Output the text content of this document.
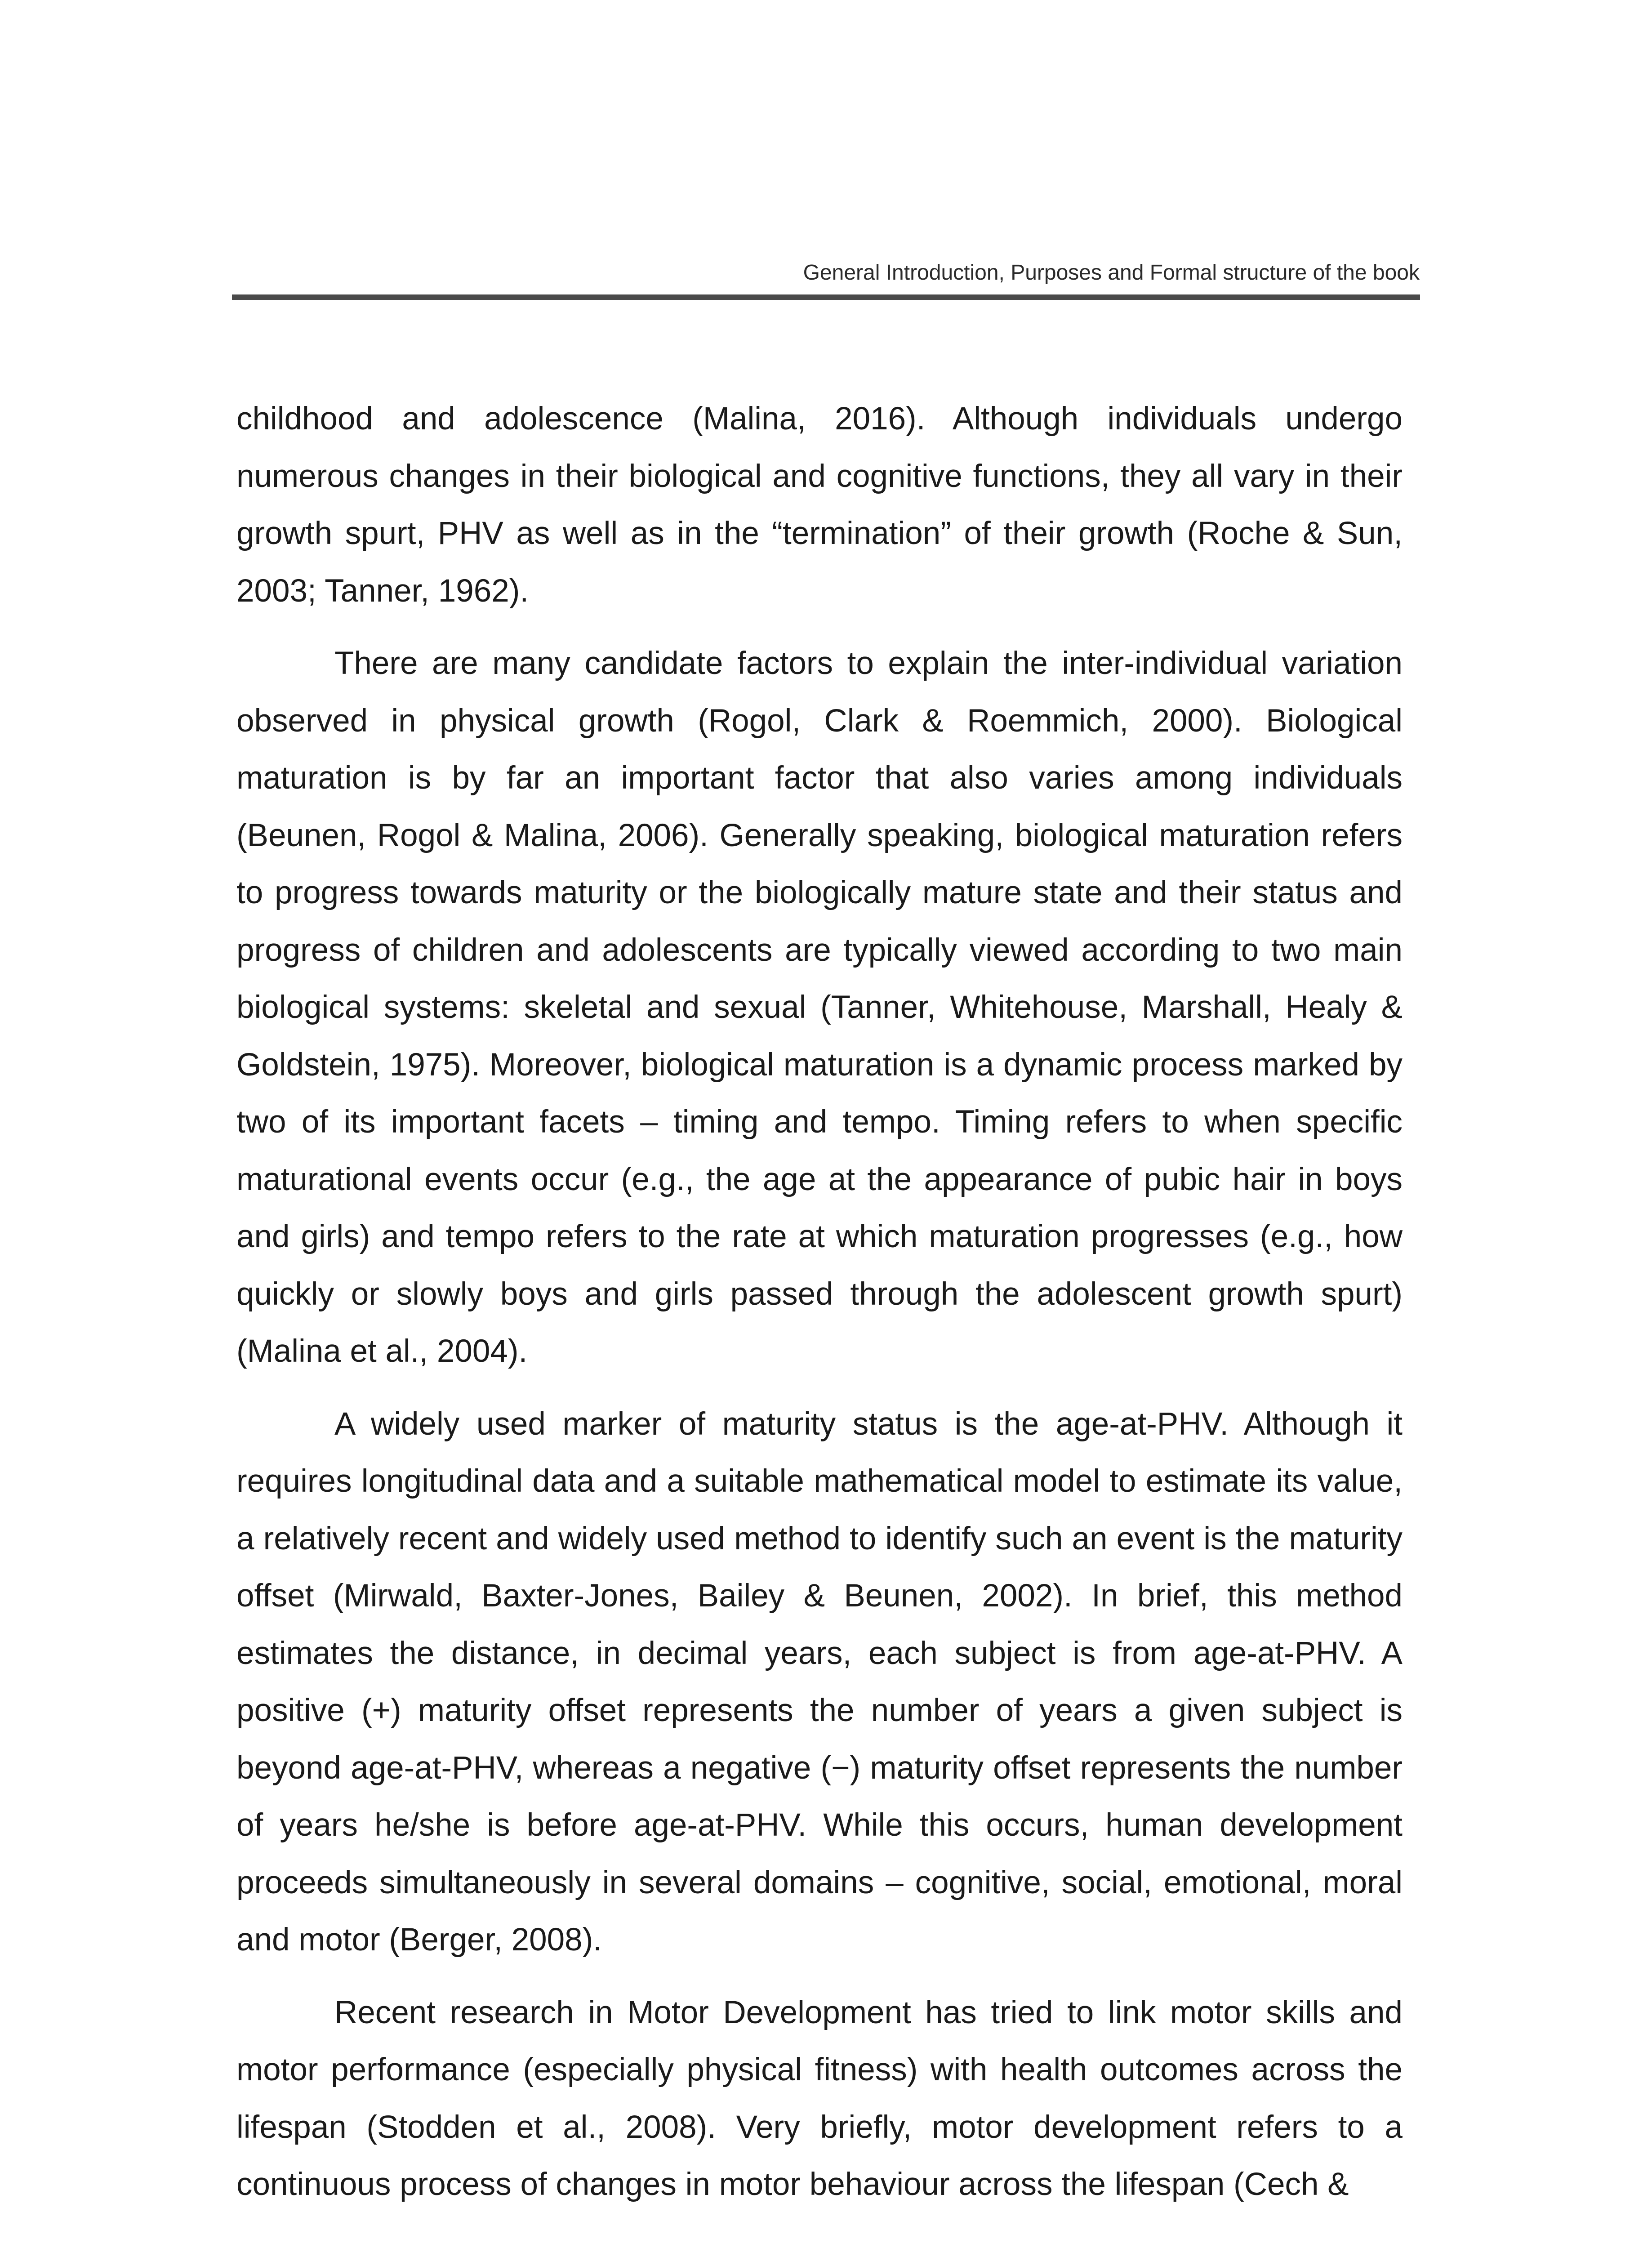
General Introduction, Purposes and Formal structure of the book

childhood and adolescence (Malina, 2016). Although individuals undergo numerous changes in their biological and cognitive functions, they all vary in their growth spurt, PHV as well as in the “termination” of their growth (Roche & Sun, 2003; Tanner, 1962).

There are many candidate factors to explain the inter-individual variation observed in physical growth (Rogol, Clark & Roemmich, 2000). Biological maturation is by far an important factor that also varies among individuals (Beunen, Rogol & Malina, 2006). Generally speaking, biological maturation refers to progress towards maturity or the biologically mature state and their status and progress of children and adolescents are typically viewed according to two main biological systems: skeletal and sexual (Tanner, Whitehouse, Marshall, Healy & Goldstein, 1975). Moreover, biological maturation is a dynamic process marked by two of its important facets – timing and tempo. Timing refers to when specific maturational events occur (e.g., the age at the appearance of pubic hair in boys and girls) and tempo refers to the rate at which maturation progresses (e.g., how quickly or slowly boys and girls passed through the adolescent growth spurt) (Malina et al., 2004).

A widely used marker of maturity status is the age-at-PHV. Although it requires longitudinal data and a suitable mathematical model to estimate its value, a relatively recent and widely used method to identify such an event is the maturity offset (Mirwald, Baxter-Jones, Bailey & Beunen, 2002). In brief, this method estimates the distance, in decimal years, each subject is from age-at-PHV. A positive (+) maturity offset represents the number of years a given subject is beyond age-at-PHV, whereas a negative (−) maturity offset represents the number of years he/she is before age-at-PHV. While this occurs, human development proceeds simultaneously in several domains – cognitive, social, emotional, moral and motor (Berger, 2008).

Recent research in Motor Development has tried to link motor skills and motor performance (especially physical fitness) with health outcomes across the lifespan (Stodden et al., 2008). Very briefly, motor development refers to a continuous process of changes in motor behaviour across the lifespan (Cech &
